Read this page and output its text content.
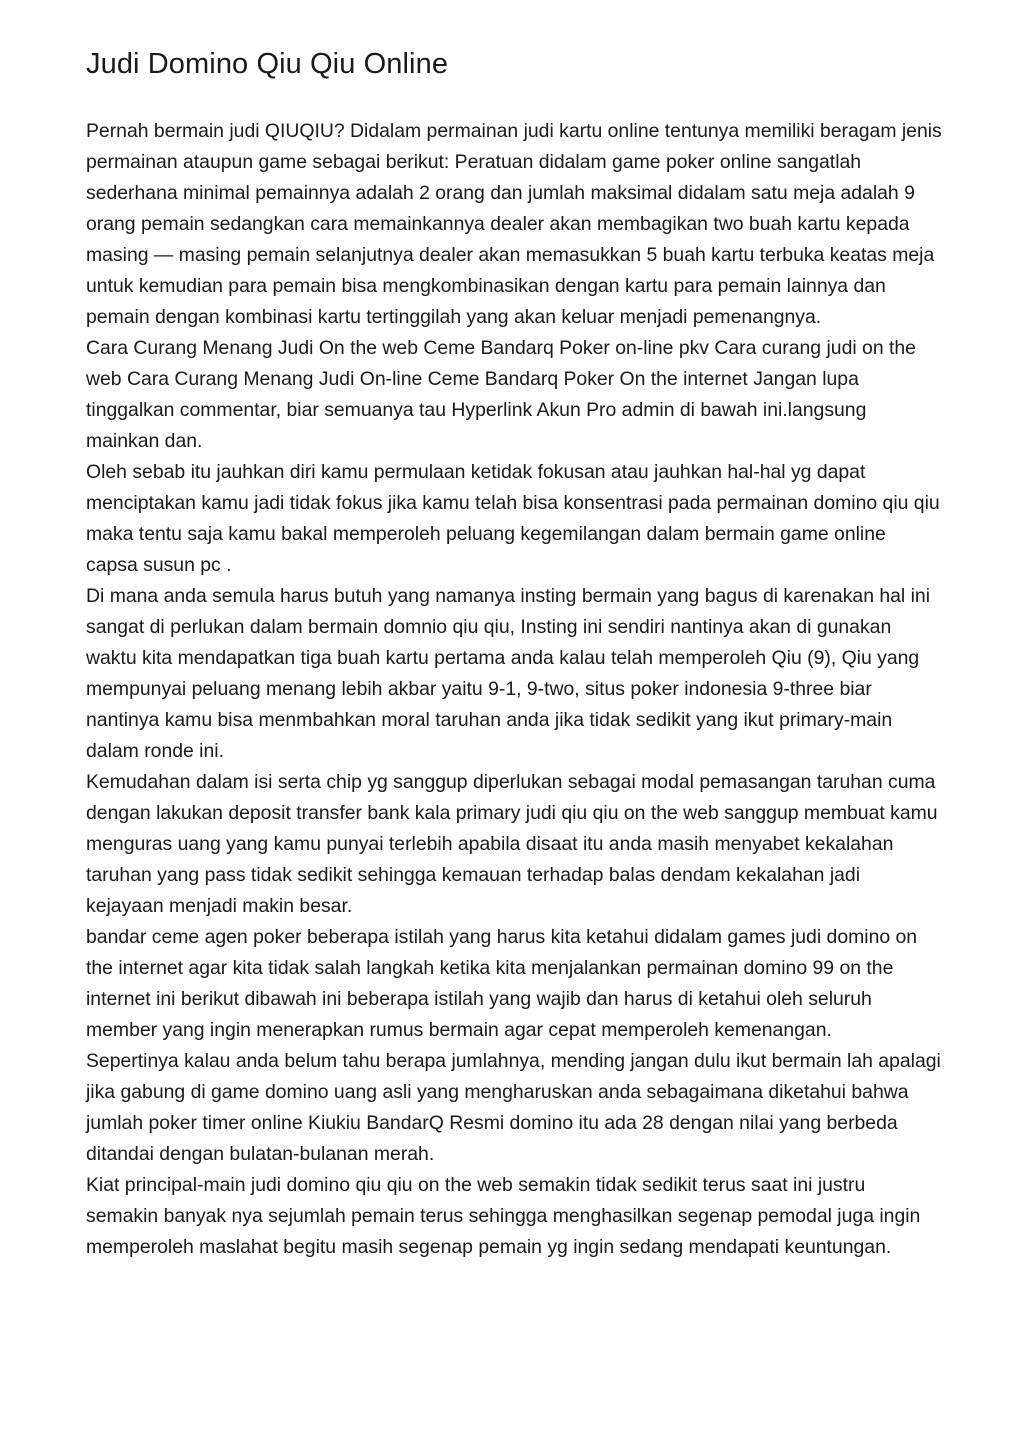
Judi Domino Qiu Qiu Online

Pernah bermain judi QIUQIU? Didalam permainan judi kartu online tentunya memiliki beragam jenis permainan ataupun game sebagai berikut: Peratuan didalam game poker online sangatlah sederhana minimal pemainnya adalah 2 orang dan jumlah maksimal didalam satu meja adalah 9 orang pemain sedangkan cara memainkannya dealer akan membagikan two buah kartu kepada masing — masing pemain selanjutnya dealer akan memasukkan 5 buah kartu terbuka keatas meja untuk kemudian para pemain bisa mengkombinasikan dengan kartu para pemain lainnya dan pemain dengan kombinasi kartu tertinggilah yang akan keluar menjadi pemenangnya.

Cara Curang Menang Judi On the web Ceme Bandarq Poker on-line pkv Cara curang judi on the web Cara Curang Menang Judi On-line Ceme Bandarq Poker On the internet Jangan lupa tinggalkan commentar, biar semuanya tau Hyperlink Akun Pro admin di bawah ini.langsung mainkan dan.

Oleh sebab itu jauhkan diri kamu permulaan ketidak fokusan atau jauhkan hal-hal yg dapat menciptakan kamu jadi tidak fokus jika kamu telah bisa konsentrasi pada permainan domino qiu qiu maka tentu saja kamu bakal memperoleh peluang kegemilangan dalam bermain game online capsa susun pc .

Di mana anda semula harus butuh yang namanya insting bermain yang bagus di karenakan hal ini sangat di perlukan dalam bermain domnio qiu qiu, Insting ini sendiri nantinya akan di gunakan waktu kita mendapatkan tiga buah kartu pertama anda kalau telah memperoleh Qiu (9), Qiu yang mempunyai peluang menang lebih akbar yaitu 9-1, 9-two, situs poker indonesia 9-three biar nantinya kamu bisa menmbahkan moral taruhan anda jika tidak sedikit yang ikut primary-main dalam ronde ini.

Kemudahan dalam isi serta chip yg sanggup diperlukan sebagai modal pemasangan taruhan cuma dengan lakukan deposit transfer bank kala primary judi qiu qiu on the web sanggup membuat kamu menguras uang yang kamu punyai terlebih apabila disaat itu anda masih menyabet kekalahan taruhan yang pass tidak sedikit sehingga kemauan terhadap balas dendam kekalahan jadi kejayaan menjadi makin besar.

bandar ceme agen poker beberapa istilah yang harus kita ketahui didalam games judi domino on the internet agar kita tidak salah langkah ketika kita menjalankan permainan domino 99 on the internet ini berikut dibawah ini beberapa istilah yang wajib dan harus di ketahui oleh seluruh member yang ingin menerapkan rumus bermain agar cepat memperoleh kemenangan.

Sepertinya kalau anda belum tahu berapa jumlahnya, mending jangan dulu ikut bermain lah apalagi jika gabung di game domino uang asli yang mengharuskan anda sebagaimana diketahui bahwa jumlah poker timer online Kiukiu BandarQ Resmi domino itu ada 28 dengan nilai yang berbeda ditandai dengan bulatan-bulanan merah.

Kiat principal-main judi domino qiu qiu on the web semakin tidak sedikit terus saat ini justru semakin banyak nya sejumlah pemain terus sehingga menghasilkan segenap pemodal juga ingin memperoleh maslahat begitu masih segenap pemain yg ingin sedang mendapati keuntungan.
